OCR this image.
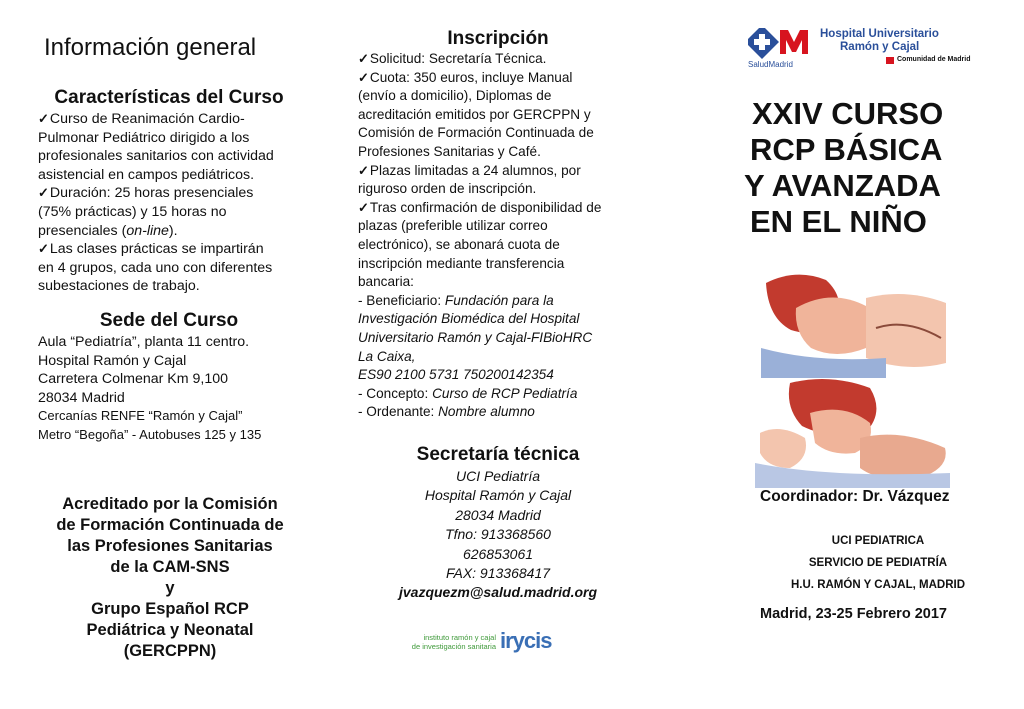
Información general
Características del Curso
✓ Curso de Reanimación Cardio-
Pulmonar Pediátrico dirigido a los
profesionales sanitarios con actividad
asistencial en campos pediátricos.
✓ Duración: 25 horas presenciales
(75% prácticas) y 15 horas no
presenciales (on-line).
✓ Las clases prácticas se impartirán
en 4 grupos, cada uno con diferentes
subestaciones de trabajo.
Sede del Curso
Aula “Pediatría”, planta 11 centro.
Hospital Ramón y Cajal
Carretera Colmenar Km 9,100
28034 Madrid
Cercanías RENFE “Ramón y Cajal”
Metro “Begoña” - Autobuses 125 y 135
Acreditado por la Comisión
de Formación Continuada de
las Profesiones Sanitarias
de la CAM-SNS
y
Grupo Español RCP
Pediátrica y Neonatal
(GERCPPN)
Inscripción
✓ Solicitud: Secretaría Técnica.
✓ Cuota: 350 euros, incluye Manual
(envío a domicilio), Diplomas de
acreditación emitidos por GERCPPN y
Comisión de Formación Continuada de
Profesiones Sanitarias y Café.
✓ Plazas limitadas a 24 alumnos, por
riguroso orden de inscripción.
✓ Tras confirmación de disponibilidad de
plazas (preferible utilizar correo
electrónico), se abonará cuota de
inscripción mediante transferencia
bancaria:
- Beneficiario: Fundación para la
Investigación Biomédica del Hospital
Universitario Ramón y Cajal-FIBioHRC
La Caixa,
ES90 2100 5731 750200142354
- Concepto: Curso de RCP Pediatría
- Ordenante: Nombre alumno
Secretaría técnica
UCI Pediatría
Hospital Ramón y Cajal
28034 Madrid
Tfno: 913368560
626853061
FAX: 913368417
jvazquezm@salud.madrid.org
instituto ramón y cajal
de investigación sanitaria irycis
SaludMadrid
Hospital Universitario
Ramón y Cajal
Comunidad de Madrid
XXIV CURSO
RCP BÁSICA
Y AVANZADA
EN EL NIÑO
Coordinador: Dr. Vázquez
UCI PEDIATRICA
SERVICIO DE PEDIATRÍA
H.U. RAMÓN Y CAJAL, MADRID
Madrid, 23-25 Febrero 2017
